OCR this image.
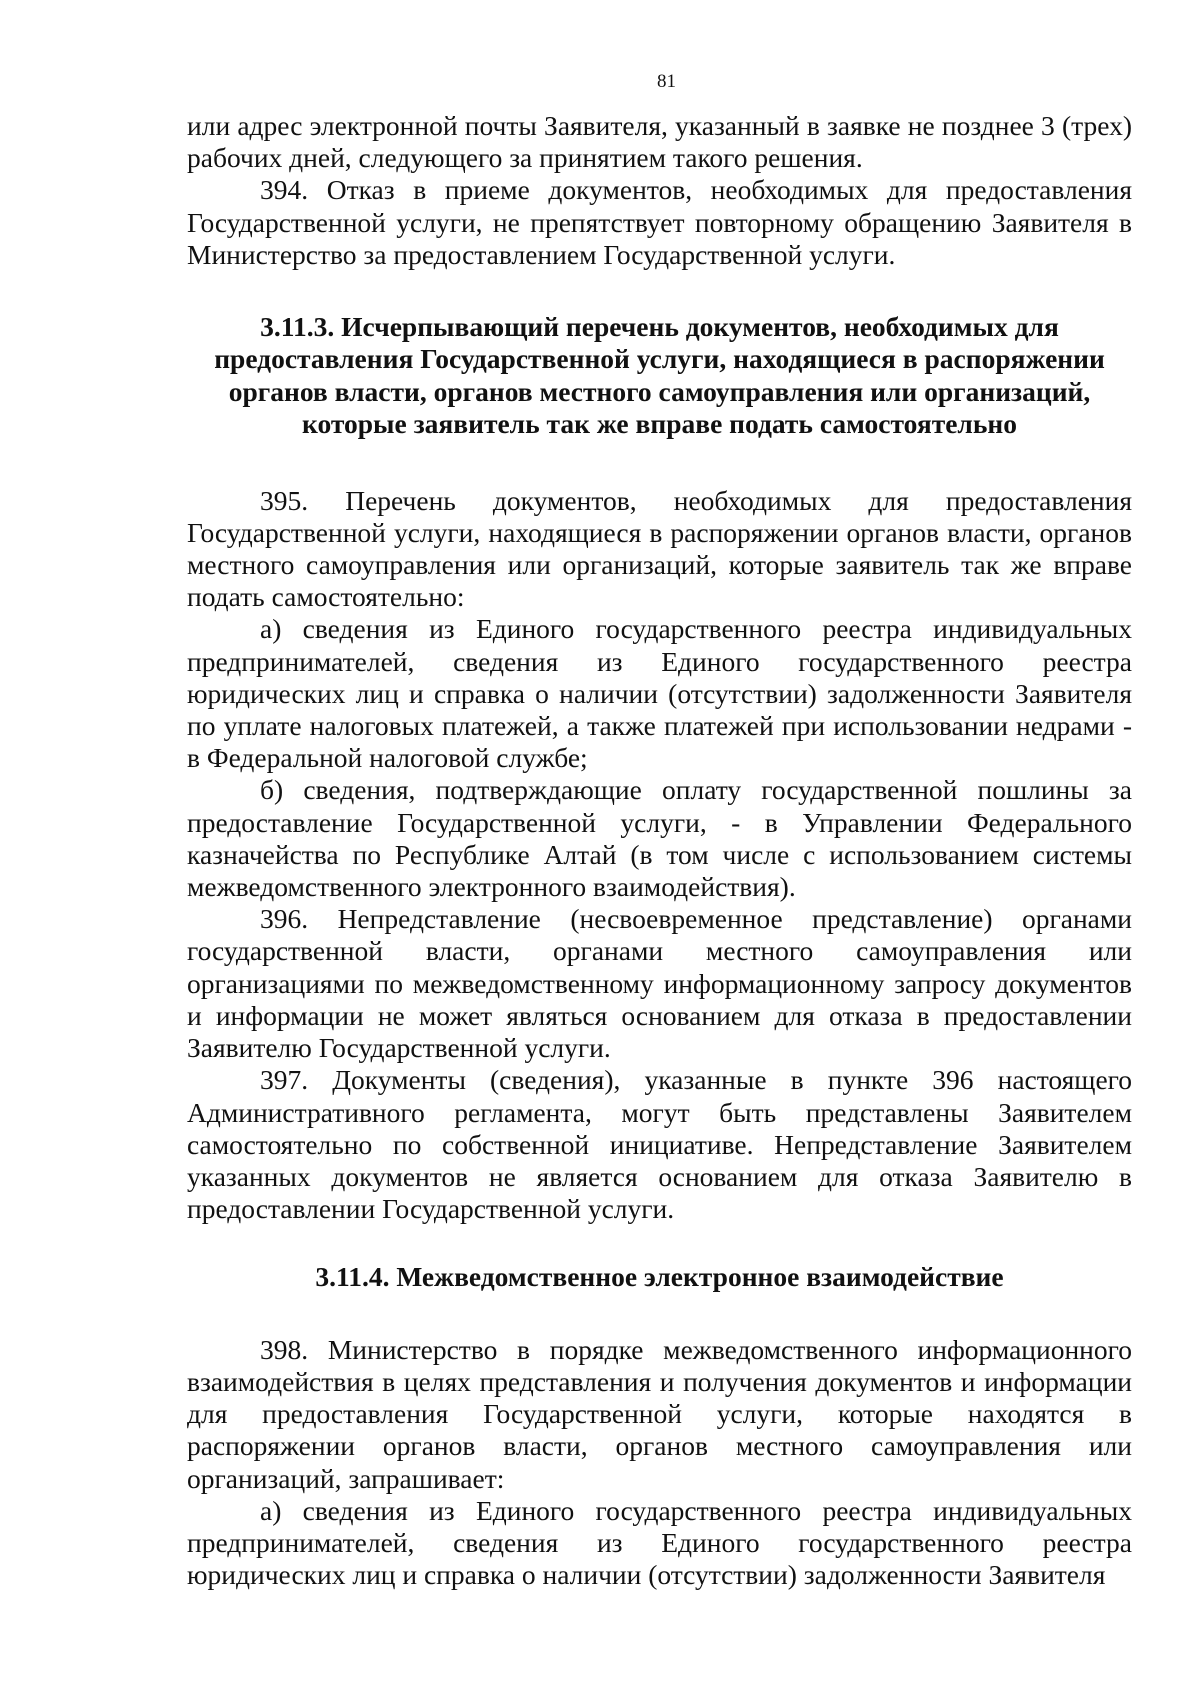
81

или адрес электронной почты Заявителя, указанный в заявке не позднее 3 (трех) рабочих дней, следующего за принятием такого решения.

394. Отказ в приеме документов, необходимых для предоставления Государственной услуги, не препятствует повторному обращению Заявителя в Министерство за предоставлением Государственной услуги.

3.11.3. Исчерпывающий перечень документов, необходимых для
предоставления Государственной услуги, находящиеся в распоряжении
органов власти, органов местного самоуправления или организаций,
которые заявитель так же вправе подать самостоятельно

395. Перечень документов, необходимых для предоставления Государственной услуги, находящиеся в распоряжении органов власти, органов местного самоуправления или организаций, которые заявитель так же вправе подать самостоятельно:

а) сведения из Единого государственного реестра индивидуальных предпринимателей, сведения из Единого государственного реестра юридических лиц и справка о наличии (отсутствии) задолженности Заявителя по уплате налоговых платежей, а также платежей при использовании недрами - в Федеральной налоговой службе;

б) сведения, подтверждающие оплату государственной пошлины за предоставление Государственной услуги, - в Управлении Федерального казначейства по Республике Алтай (в том числе с использованием системы межведомственного электронного взаимодействия).

396. Непредставление (несвоевременное представление) органами государственной власти, органами местного самоуправления или организациями по межведомственному информационному запросу документов и информации не может являться основанием для отказа в предоставлении Заявителю Государственной услуги.

397. Документы (сведения), указанные в пункте 396 настоящего Административного регламента, могут быть представлены Заявителем самостоятельно по собственной инициативе. Непредставление Заявителем указанных документов не является основанием для отказа Заявителю в предоставлении Государственной услуги.

3.11.4. Межведомственное электронное взаимодействие

398. Министерство в порядке межведомственного информационного взаимодействия в целях представления и получения документов и информации для предоставления Государственной услуги, которые находятся в распоряжении органов власти, органов местного самоуправления или организаций, запрашивает:

а) сведения из Единого государственного реестра индивидуальных предпринимателей, сведения из Единого государственного реестра юридических лиц и справка о наличии (отсутствии) задолженности Заявителя
